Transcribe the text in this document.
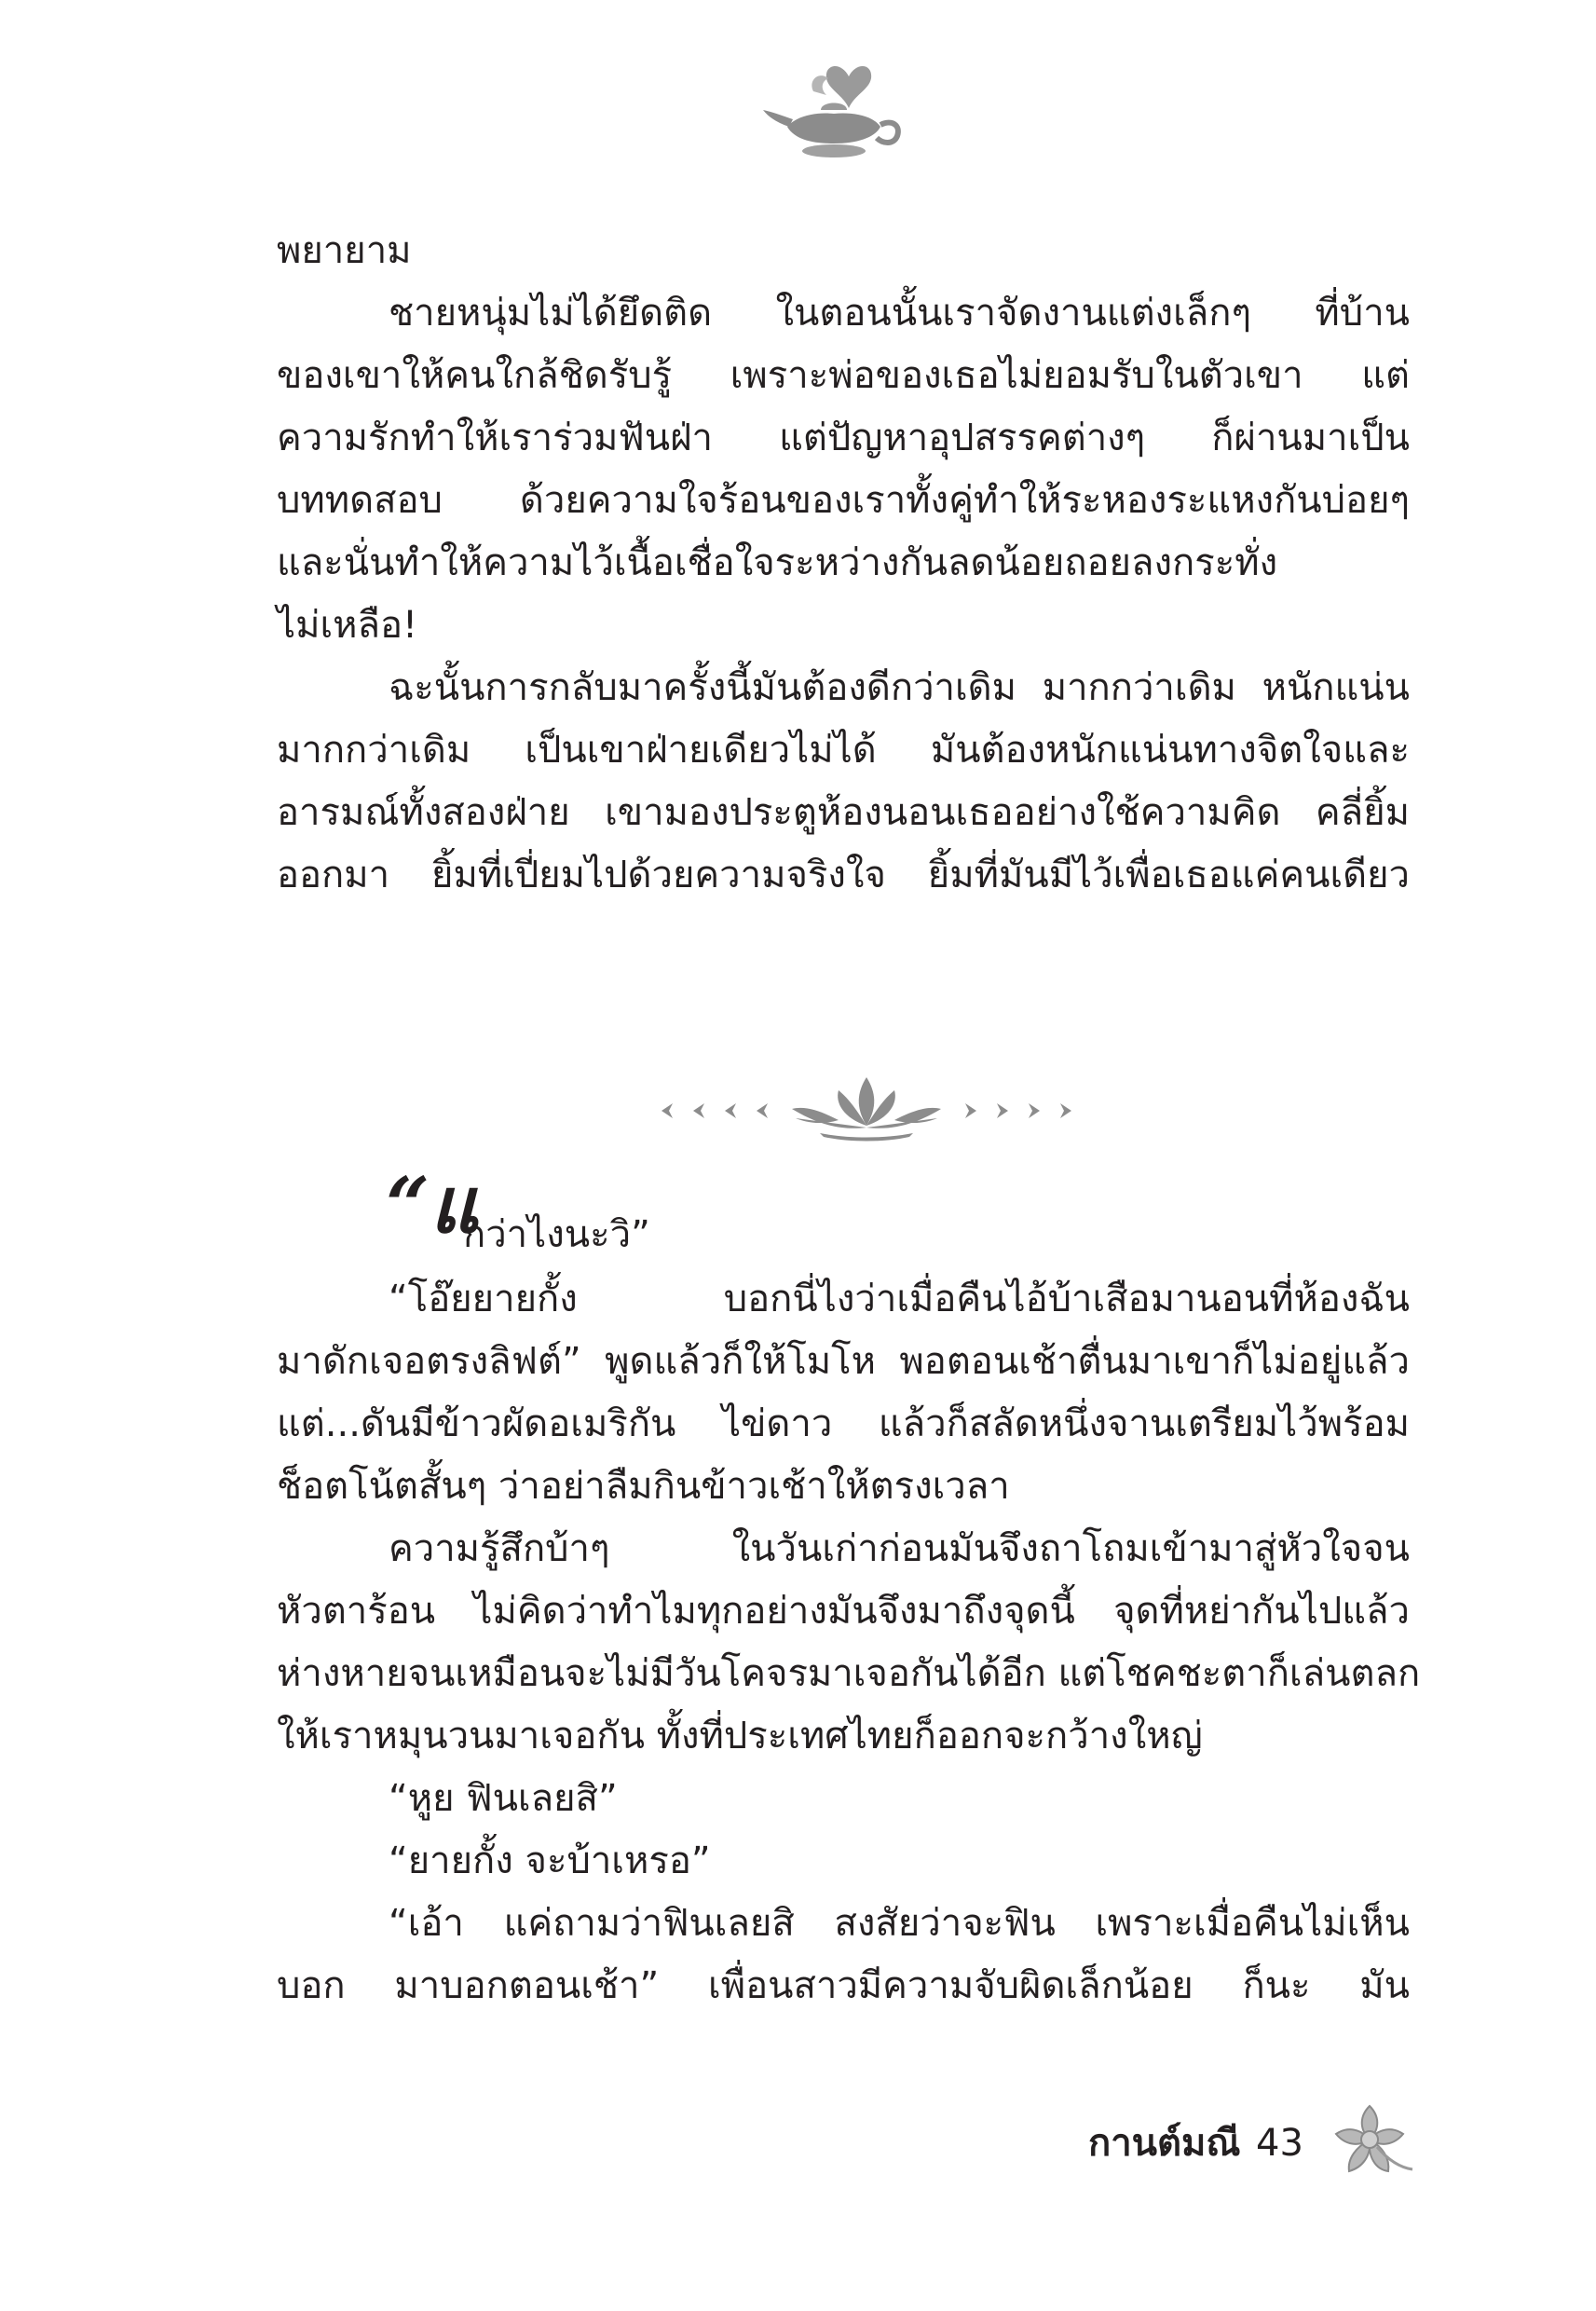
พยายาม
ชายหนุ่มไม่ได้ยึดติด ในตอนนั้นเราจัดงานแต่งเล็กๆ ที่บ้าน
ของเขาให้คนใกล้ชิดรับรู้ เพราะพ่อของเธอไม่ยอมรับในตัวเขา แต่
ความรักทำให้เราร่วมฟันฝ่า แต่ปัญหาอุปสรรคต่างๆ ก็ผ่านมาเป็น
บททดสอบ ด้วยความใจร้อนของเราทั้งคู่ทำให้ระหองระแหงกันบ่อยๆ
และนั่นทำให้ความไว้เนื้อเชื่อใจระหว่างกันลดน้อยถอยลงกระทั่ง
ไม่เหลือ!
ฉะนั้นการกลับมาครั้งนี้มันต้องดีกว่าเดิม มากกว่าเดิม หนักแน่น
มากกว่าเดิม เป็นเขาฝ่ายเดียวไม่ได้ มันต้องหนักแน่นทางจิตใจและ
อารมณ์ทั้งสองฝ่าย เขามองประตูห้องนอนเธออย่างใช้ความคิด คลี่ยิ้ม
ออกมา ยิ้มที่เปี่ยมไปด้วยความจริงใจ ยิ้มที่มันมีไว้เพื่อเธอแค่คนเดียว
“แ
กว่าไงนะวิ”
“โอ๊ยยายกั้ง บอกนี่ไงว่าเมื่อคืนไอ้บ้าเสือมานอนที่ห้องฉัน
มาดักเจอตรงลิฟต์” พูดแล้วก็ให้โมโห พอตอนเช้าตื่นมาเขาก็ไม่อยู่แล้ว
แต่...ดันมีข้าวผัดอเมริกัน ไข่ดาว แล้วก็สลัดหนึ่งจานเตรียมไว้พร้อม
ช็อตโน้ตสั้นๆ ว่าอย่าลืมกินข้าวเช้าให้ตรงเวลา
ความรู้สึกบ้าๆ ในวันเก่าก่อนมันจึงถาโถมเข้ามาสู่หัวใจจน
หัวตาร้อน ไม่คิดว่าทำไมทุกอย่างมันจึงมาถึงจุดนี้ จุดที่หย่ากันไปแล้ว
ห่างหายจนเหมือนจะไม่มีวันโคจรมาเจอกันได้อีก แต่โชคชะตาก็เล่นตลก
ให้เราหมุนวนมาเจอกัน ทั้งที่ประเทศไทยก็ออกจะกว้างใหญ่
“หูย ฟินเลยสิ”
“ยายกั้ง จะบ้าเหรอ”
“เอ้า แค่ถามว่าฟินเลยสิ สงสัยว่าจะฟิน เพราะเมื่อคืนไม่เห็น
บอก มาบอกตอนเช้า” เพื่อนสาวมีความจับผิดเล็กน้อย ก็นะ มัน
กานต์มณี 43
